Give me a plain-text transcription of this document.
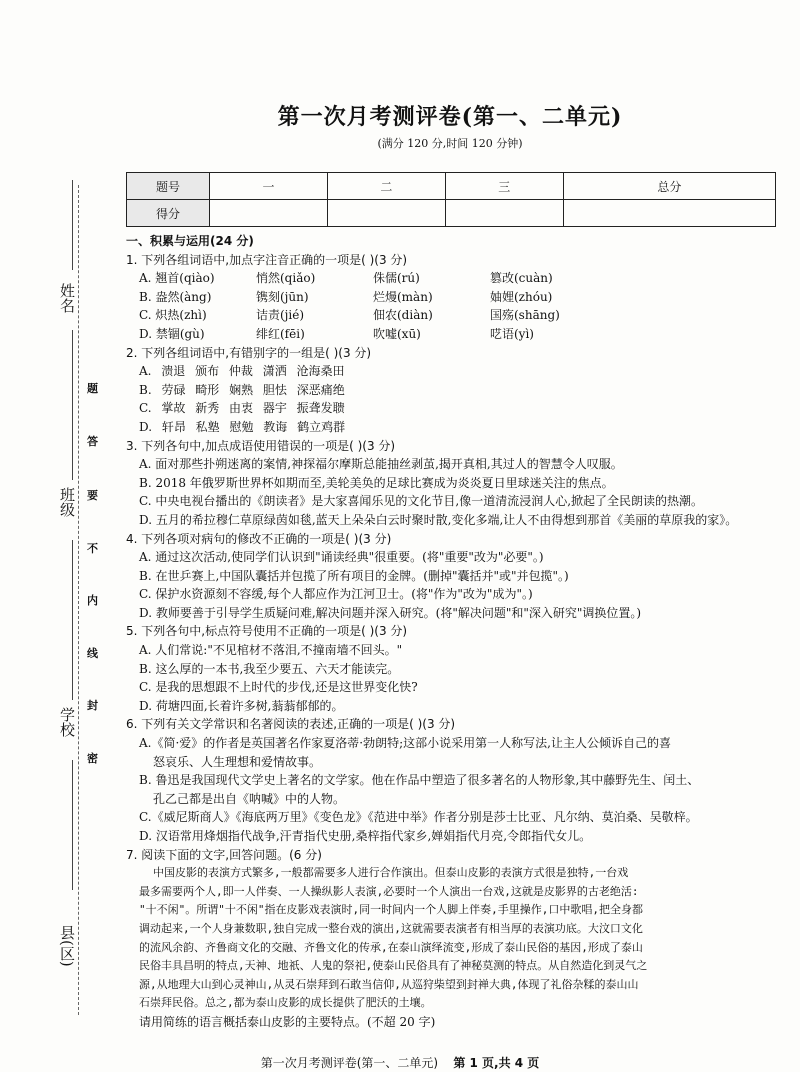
姓名
班级
学校
县(区)
题
答
要
不
内
线
封
密
第一次月考测评卷(第一、二单元)
(满分 120 分,时间 120 分钟)
题号	一	二	三	总分
得分				
一、积累与运用(24 分)
1. 下列各组词语中,加点字注音正确的一项是( )(3 分)
A. 翘首(qiào)	悄然(qiǎo)	侏儒(rú)	篡改(cuàn)
B. 盎然(àng)	镌刻(jūn)	烂熳(màn)	妯娌(zhóu)
C. 炽热(zhì)	诘责(jié)	佃农(diàn)	国殇(shāng)
D. 禁锢(gù)	绯红(fēi)	吹嘘(xū)	呓语(yì)
2. 下列各组词语中,有错别字的一组是( )(3 分)
A. 溃退 颁布 仲裁 潇洒 沧海桑田
B. 劳碌 畸形 娴熟 胆怯 深恶痛绝
C. 掌故 新秀 由衷 器宇 振聋发聩
D. 轩昂 私塾 慰勉 教诲 鹤立鸡群
3. 下列各句中,加点成语使用错误的一项是( )(3 分)
A. 面对那些扑朔迷离的案情,神探福尔摩斯总能抽丝剥茧,揭开真相,其过人的智慧令人叹服。
B. 2018 年俄罗斯世界杯如期而至,美轮美奂的足球比赛成为炎炎夏日里球迷关注的焦点。
C. 中央电视台播出的《朗读者》是大家喜闻乐见的文化节目,像一道清流浸润人心,掀起了全民朗读的热潮。
D. 五月的希拉穆仁草原绿茵如毯,蓝天上朵朵白云时聚时散,变化多端,让人不由得想到那首《美丽的草原我的家》。
4. 下列各项对病句的修改不正确的一项是( )(3 分)
A. 通过这次活动,使同学们认识到"诵读经典"很重要。(将"重要"改为"必要"。)
B. 在世乒赛上,中国队囊括并包揽了所有项目的金牌。(删掉"囊括并"或"并包揽"。)
C. 保护水资源刻不容缓,每个人都应作为江河卫士。(将"作为"改为"成为"。)
D. 教师要善于引导学生质疑问难,解决问题并深入研究。(将"解决问题"和"深入研究"调换位置。)
5. 下列各句中,标点符号使用不正确的一项是( )(3 分)
A. 人们常说:"不见棺材不落泪,不撞南墙不回头。"
B. 这么厚的一本书,我至少要五、六天才能读完。
C. 是我的思想跟不上时代的步伐,还是这世界变化快?
D. 荷塘四面,长着许多树,蓊蓊郁郁的。
6. 下列有关文学常识和名著阅读的表述,正确的一项是( )(3 分)
A.《简·爱》的作者是英国著名作家夏洛蒂·勃朗特;这部小说采用第一人称写法,让主人公倾诉自己的喜
怒哀乐、人生理想和爱情故事。
B. 鲁迅是我国现代文学史上著名的文学家。他在作品中塑造了很多著名的人物形象,其中藤野先生、闰土、
孔乙己都是出自《呐喊》中的人物。
C.《威尼斯商人》《海底两万里》《变色龙》《范进中举》作者分别是莎士比亚、凡尔纳、莫泊桑、吴敬梓。
D. 汉语常用烽烟指代战争,汗青指代史册,桑梓指代家乡,婵娟指代月亮,令郎指代女儿。
7. 阅读下面的文字,回答问题。(6 分)
中国皮影的表演方式繁多,一般都需要多人进行合作演出。但泰山皮影的表演方式很是独特,一台戏
最多需要两个人,即一人伴奏、一人操纵影人表演,必要时一个人演出一台戏,这就是皮影界的古老绝活:
"十不闲"。所谓"十不闲"指在皮影戏表演时,同一时间内一个人脚上伴奏,手里操作,口中歌唱,把全身都
调动起来,一个人身兼数职,独自完成一整台戏的演出,这就需要表演者有相当厚的表演功底。大汶口文化
的流风余韵、齐鲁商文化的交融、齐鲁文化的传承,在泰山演绎流变,形成了泰山民俗的基因,形成了泰山
民俗丰具昌明的特点,天神、地祇、人鬼的祭祀,使泰山民俗具有了神秘莫测的特点。从自然造化到灵气之
源,从地理大山到心灵神山,从灵石崇拜到石敢当信仰,从巡狩柴望到封禅大典,体现了礼俗杂糅的泰山山
石崇拜民俗。总之,都为泰山皮影的成长提供了肥沃的土壤。
请用简练的语言概括泰山皮影的主要特点。(不超 20 字)
第一次月考测评卷(第一、二单元) 第 1 页,共 4 页
